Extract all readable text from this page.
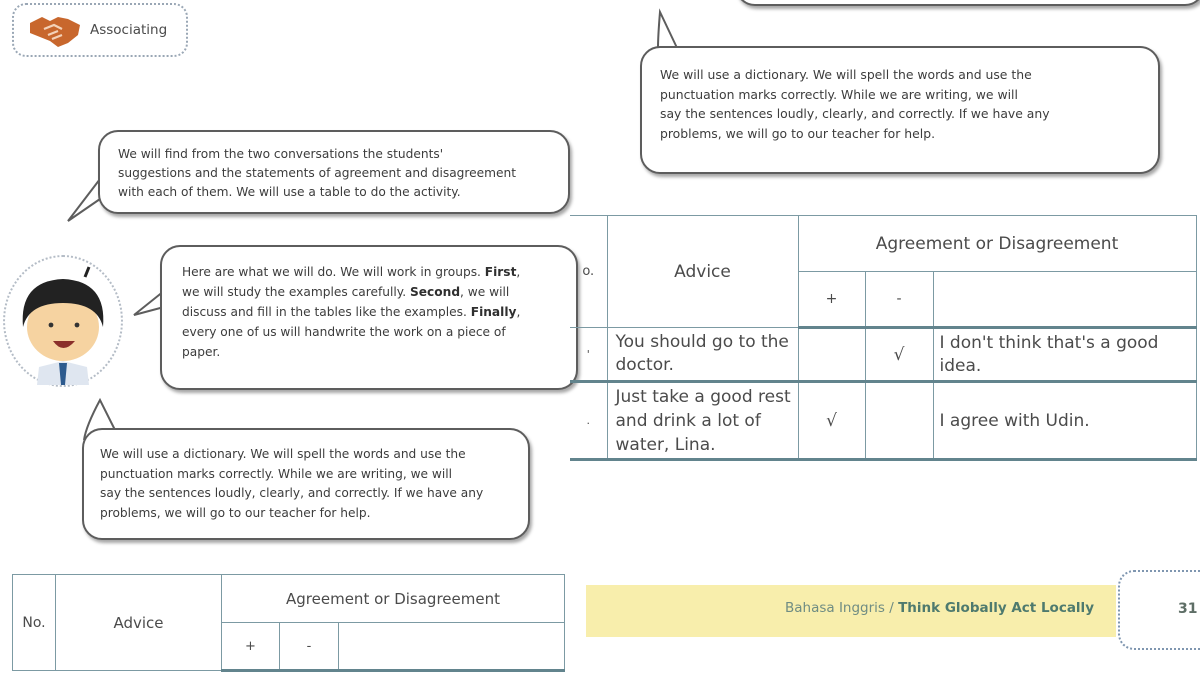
Associating

We will use a dictionary. We will spell the words and use the

punctuation marks correctly. While we are writing, we will

say the sentences loudly, clearly, and correctly. If we have any

problems, we will go to our teacher for help.

We will find from the two conversations the students'

suggestions and the statements of agreement and disagreement

with each of them. We will use a table to do the activity.

Here are what we will do. We will work in groups. First,

we will study the examples carefully. Second, we will

discuss and fill in the tables like the examples. Finally,

every one of us will handwrite the work on a piece of

paper.

We will use a dictionary. We will spell the words and use the

punctuation marks correctly. While we are writing, we will

say the sentences loudly, clearly, and correctly. If we have any

problems, we will go to our teacher for help.

o.	Advice	Agreement or Disagreement		
		+	-	
'	You should go to the doctor.		√	I don't think that's a good idea.
.	Just take a good rest and drink a lot of water, Lina.	√		I agree with Udin.
No.	Advice	Agreement or Disagreement		
		+	-	
Bahasa Inggris / Think Globally Act Locally	31
